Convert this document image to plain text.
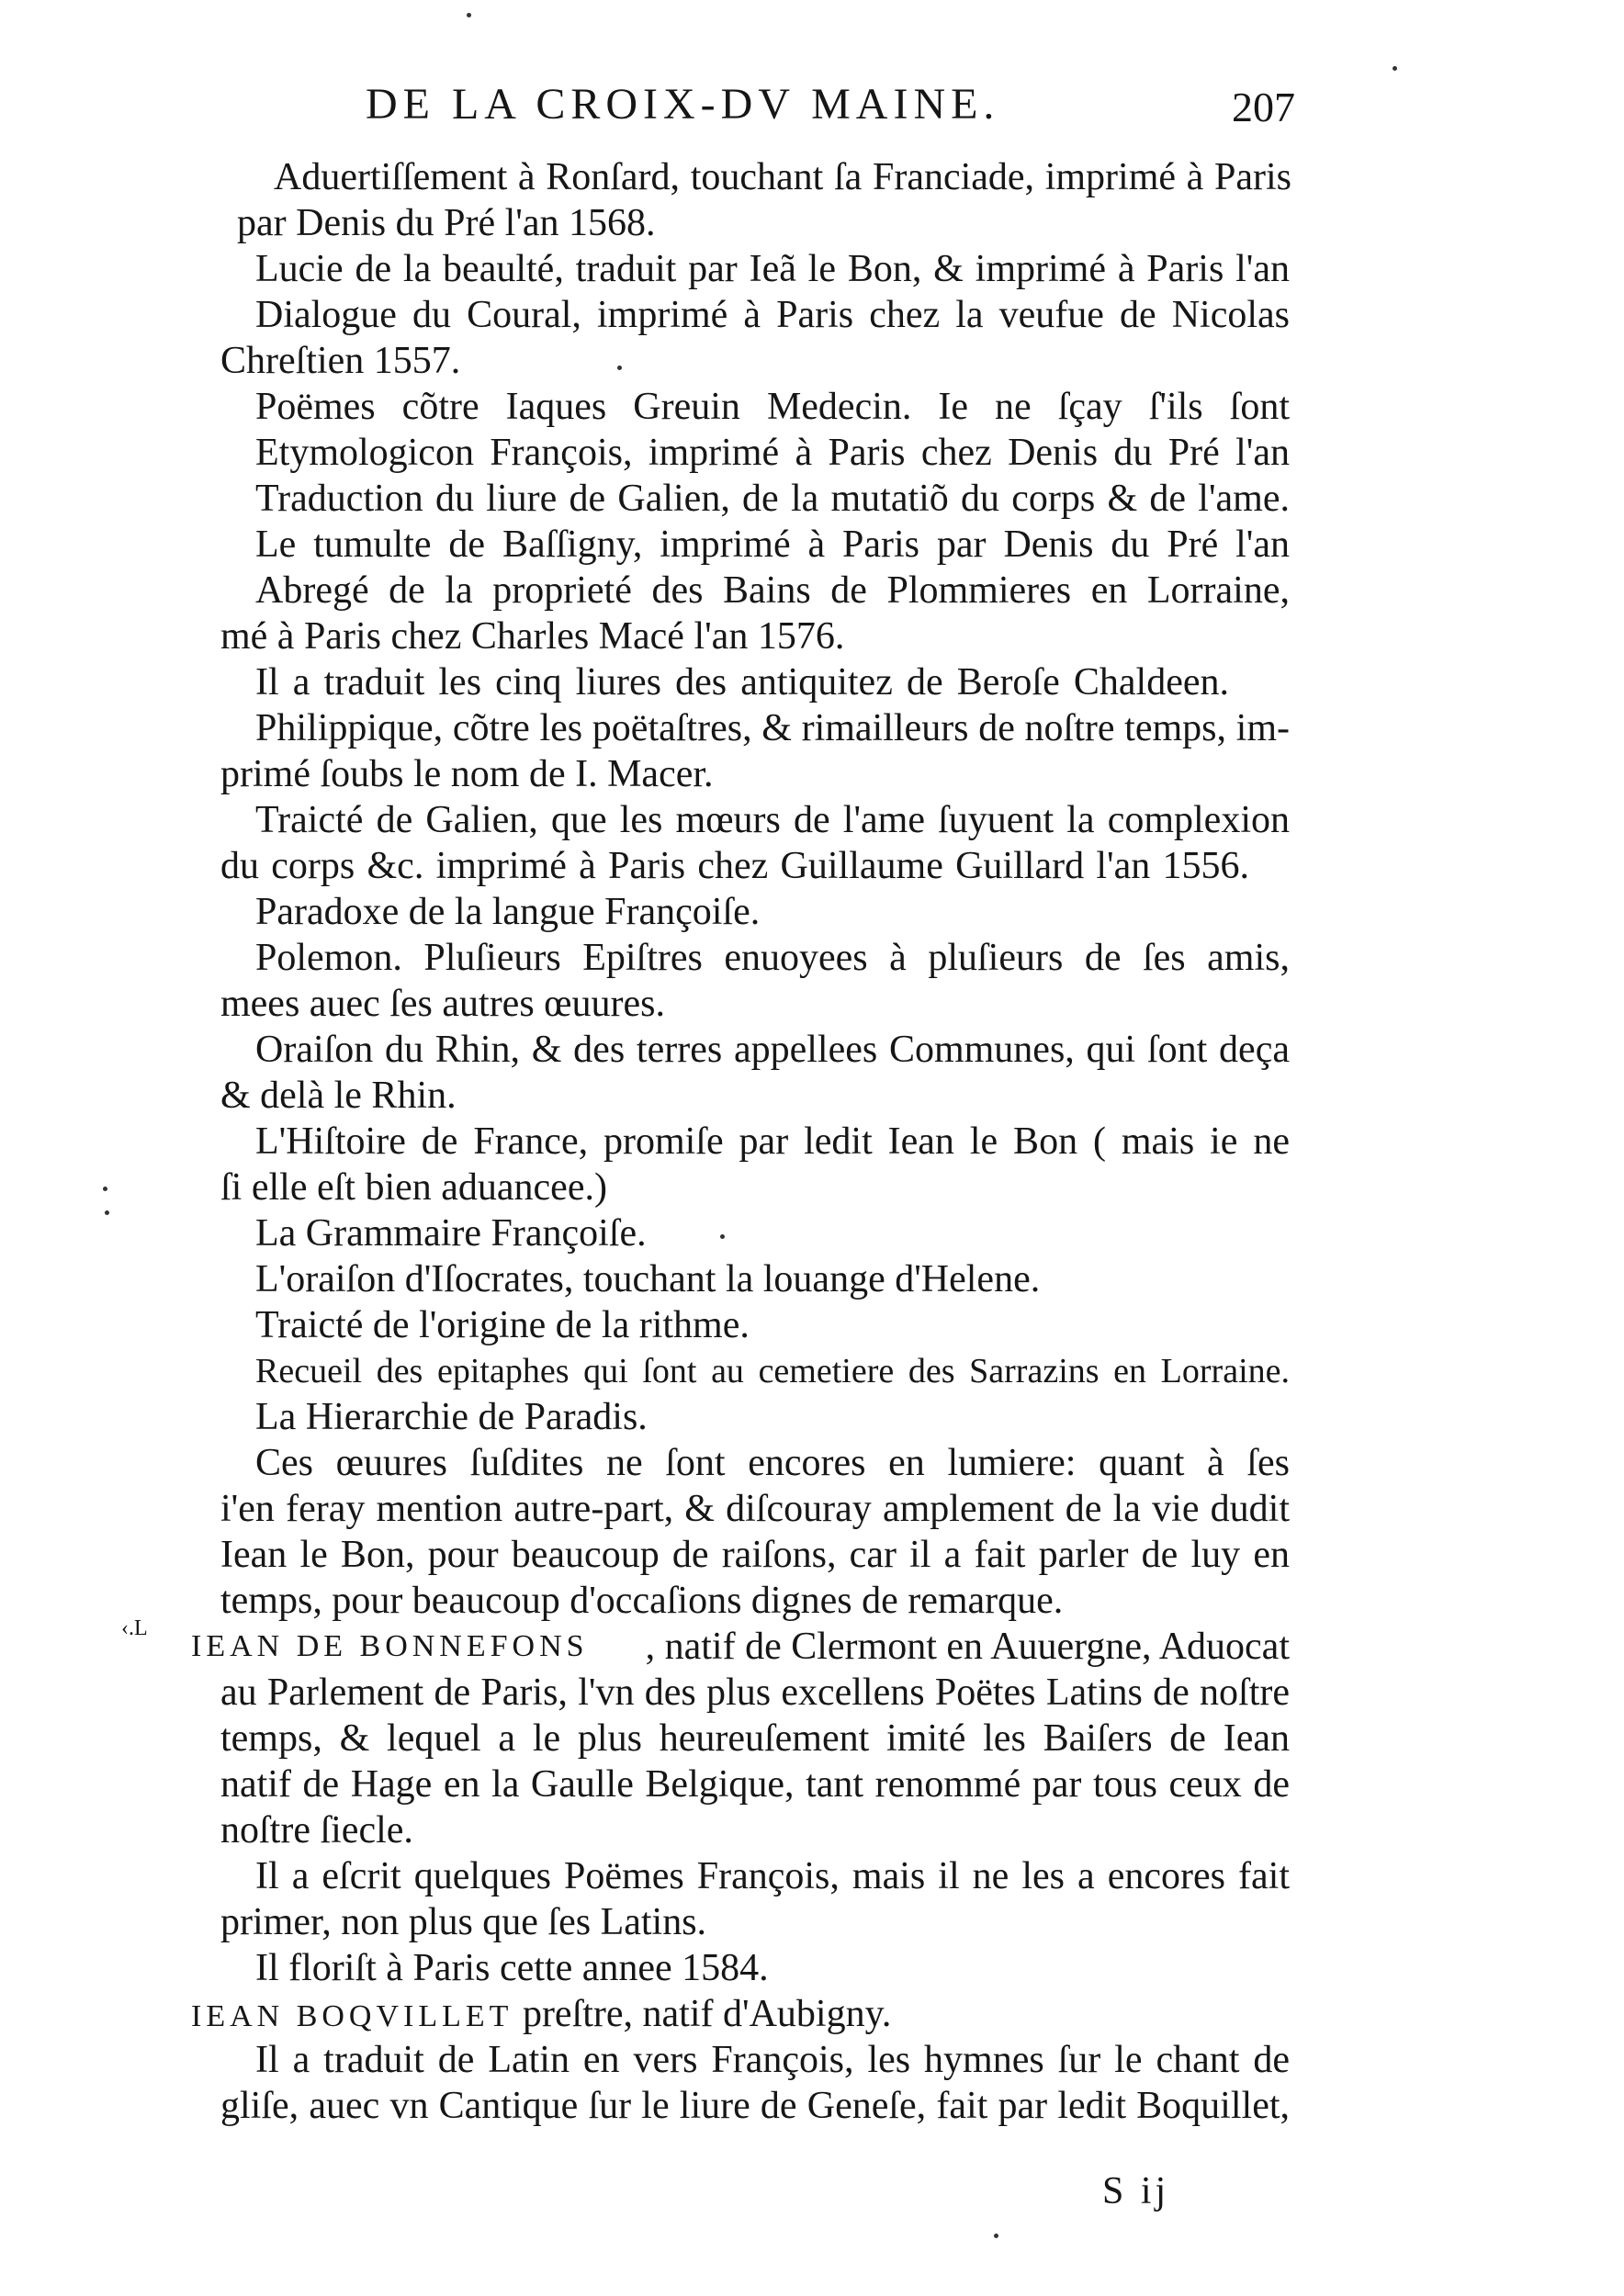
DE LA CROIX-DV MAINE.	207
Aduertiſſement à Ronſard, touchant ſa Franciade, imprimé à Paris
par Denis du Pré l'an 1568.
Lucie de la beaulté, traduit par Ieã le Bon, & imprimé à Paris l'an
Dialogue du Coural, imprimé à Paris chez la veufue de Nicolas
Chreſtien 1557.
Poëmes cõtre Iaques Greuin Medecin. Ie ne ſçay ſ'ils ſont
Etymologicon François, imprimé à Paris chez Denis du Pré l'an
Traduction du liure de Galien, de la mutatiõ du corps & de l'ame.
Le tumulte de Baſſigny, imprimé à Paris par Denis du Pré l'an
Abregé de la proprieté des Bains de Plommieres en Lorraine,
mé à Paris chez Charles Macé l'an 1576.
Il a traduit les cinq liures des antiquitez de Beroſe Chaldeen.
Philippique, cõtre les poëtaſtres, & rimailleurs de noſtre temps, im-
primé ſoubs le nom de I. Macer.
Traicté de Galien, que les mœurs de l'ame ſuyuent la complexion
du corps &c. imprimé à Paris chez Guillaume Guillard l'an 1556.
Paradoxe de la langue Françoiſe.
Polemon. Pluſieurs Epiſtres enuoyees à pluſieurs de ſes amis,
mees auec ſes autres œuures.
Oraiſon du Rhin, & des terres appellees Communes, qui ſont deça
& delà le Rhin.
L'Hiſtoire de France, promiſe par ledit Iean le Bon ( mais ie ne
ſi elle eſt bien aduancee.)
La Grammaire Françoiſe.
L'oraiſon d'Iſocrates, touchant la louange d'Helene.
Traicté de l'origine de la rithme.
Recueil des epitaphes qui ſont au cemetiere des Sarrazins en Lorraine.
La Hierarchie de Paradis.
Ces œuures ſuſdites ne ſont encores en lumiere: quant à ſes
i'en feray mention autre-part, & diſcouray amplement de la vie dudit
Iean le Bon, pour beaucoup de raiſons, car il a fait parler de luy en
temps, pour beaucoup d'occaſions dignes de remarque.
‹.L
IEAN DE BONNEFONS , natif de Clermont en Auuergne, Aduocat
au Parlement de Paris, l'vn des plus excellens Poëtes Latins de noſtre
temps, & lequel a le plus heureuſement imité les Baiſers de Iean
natif de Hage en la Gaulle Belgique, tant renommé par tous ceux de
noſtre ſiecle.
Il a eſcrit quelques Poëmes François, mais il ne les a encores fait
primer, non plus que ſes Latins.
Il floriſt à Paris cette annee 1584.
IEAN BOQVILLET preſtre, natif d'Aubigny.
Il a traduit de Latin en vers François, les hymnes ſur le chant de
gliſe, auec vn Cantique ſur le liure de Geneſe, fait par ledit Boquillet,
S ij
